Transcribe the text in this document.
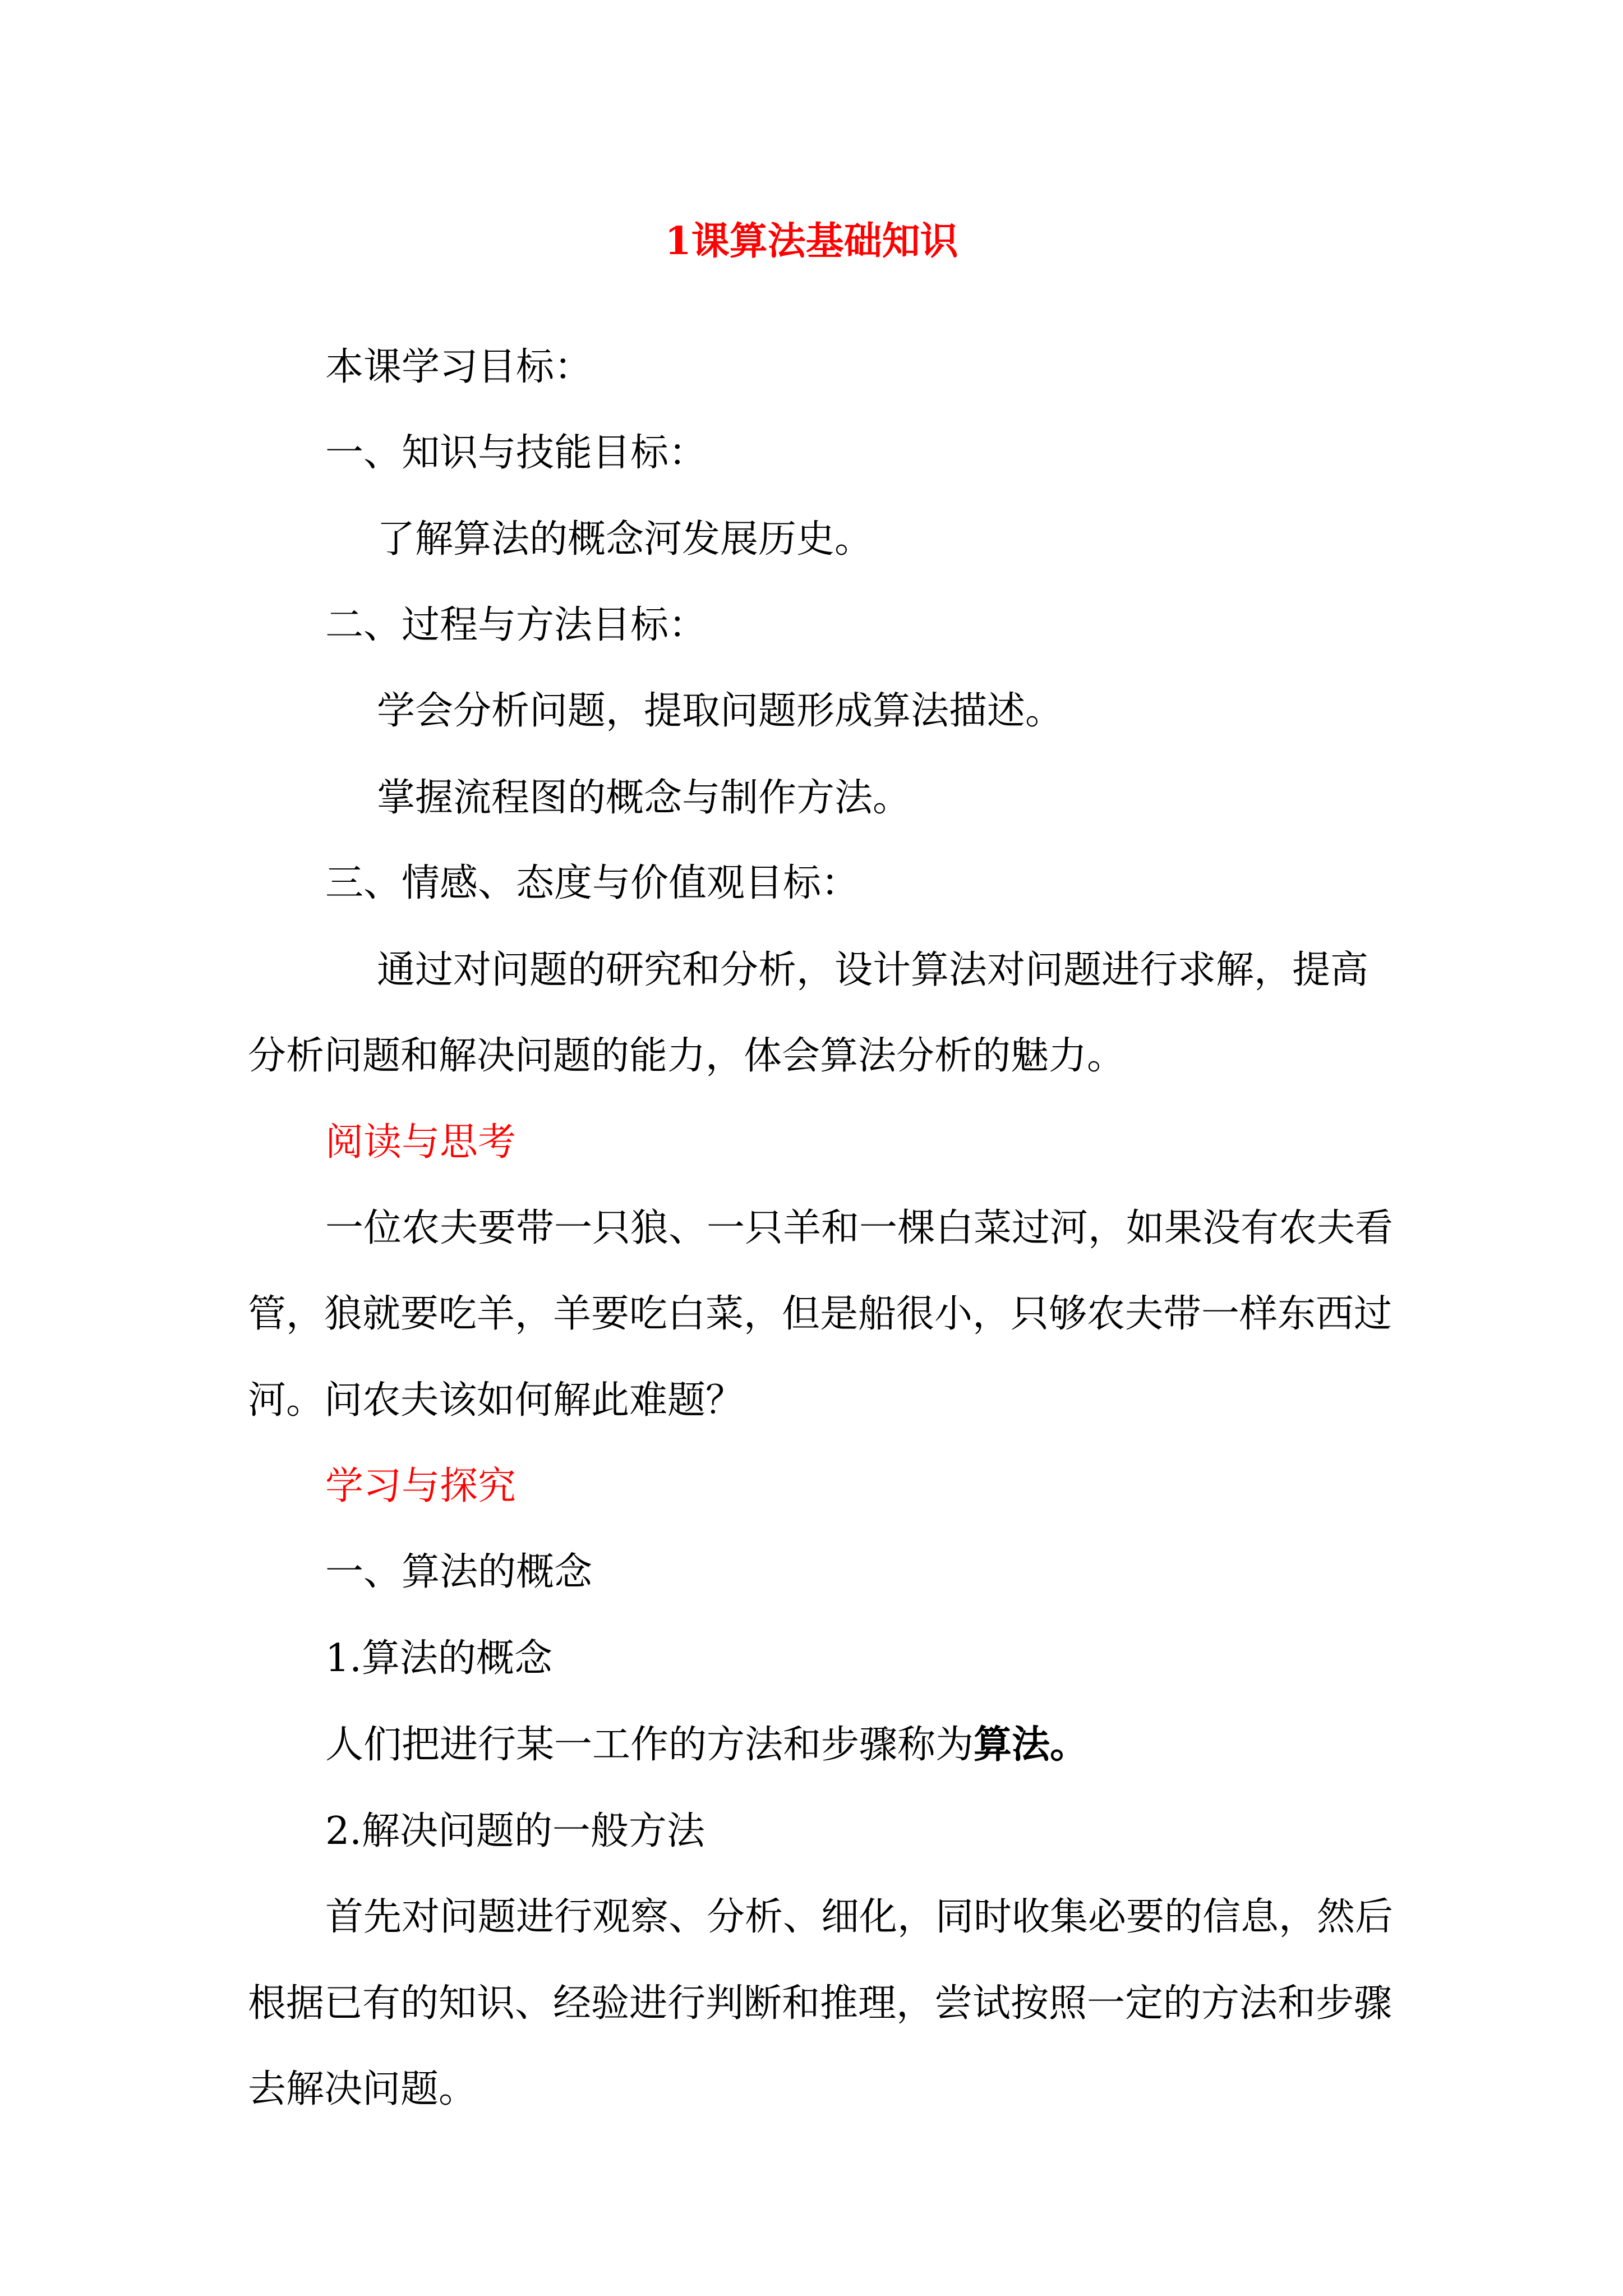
1课算法基础知识
本课学习目标：
一、知识与技能目标：
了解算法的概念河发展历史。
二、过程与方法目标：
学会分析问题，提取问题形成算法描述。
掌握流程图的概念与制作方法。
三、情感、态度与价值观目标：
通过对问题的研究和分析，设计算法对问题进行求解，提高
分析问题和解决问题的能力，体会算法分析的魅力。
阅读与思考
一位农夫要带一只狼、一只羊和一棵白菜过河，如果没有农夫看
管，狼就要吃羊，羊要吃白菜，但是船很小，只够农夫带一样东西过
河。问农夫该如何解此难题？
学习与探究
一、算法的概念
1.算法的概念
人们把进行某一工作的方法和步骤称为算法。
2.解决问题的一般方法
首先对问题进行观察、分析、细化，同时收集必要的信息，然后
根据已有的知识、经验进行判断和推理，尝试按照一定的方法和步骤
去解决问题。
